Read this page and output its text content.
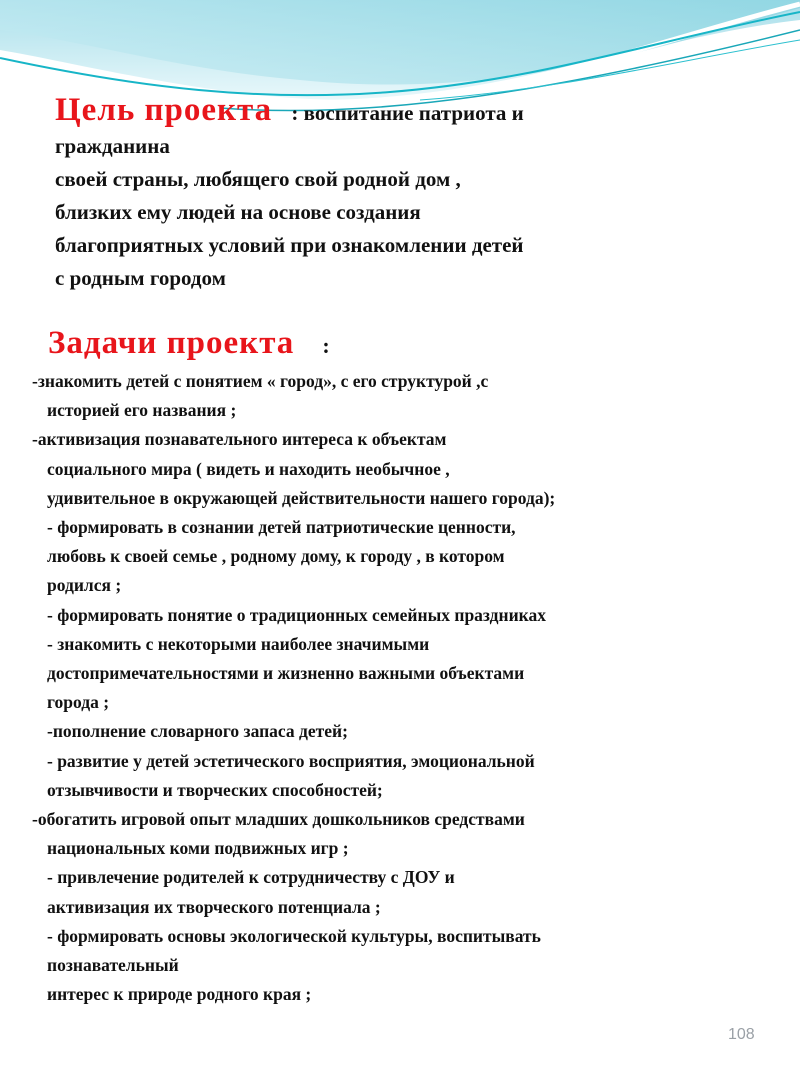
Цель проекта : воспитание патриота и
гражданина
своей страны, любящего свой родной дом ,
близких ему людей на основе создания
благоприятных условий при ознакомлении детей
с родным городом
Задачи проекта :
-знакомить детей с понятием « город», с его структурой ,с
историей его названия ;
-активизация познавательного интереса к объектам
социального мира ( видеть и находить необычное ,
удивительное в окружающей действительности нашего города);
- формировать в сознании детей патриотические ценности,
любовь к своей семье , родному дому, к городу , в котором
родился ;
- формировать понятие о традиционных семейных праздниках
- знакомить с некоторыми наиболее значимыми
достопримечательностями и жизненно важными объектами
города ;
-пополнение словарного запаса детей;
- развитие у детей эстетического восприятия, эмоциональной
отзывчивости и творческих способностей;
-обогатить игровой опыт младших дошкольников средствами
национальных коми подвижных игр ;
- привлечение родителей к сотрудничеству с ДОУ и
активизация их творческого потенциала ;
- формировать основы экологической культуры, воспитывать
познавательный
интерес к природе родного края ;
108
